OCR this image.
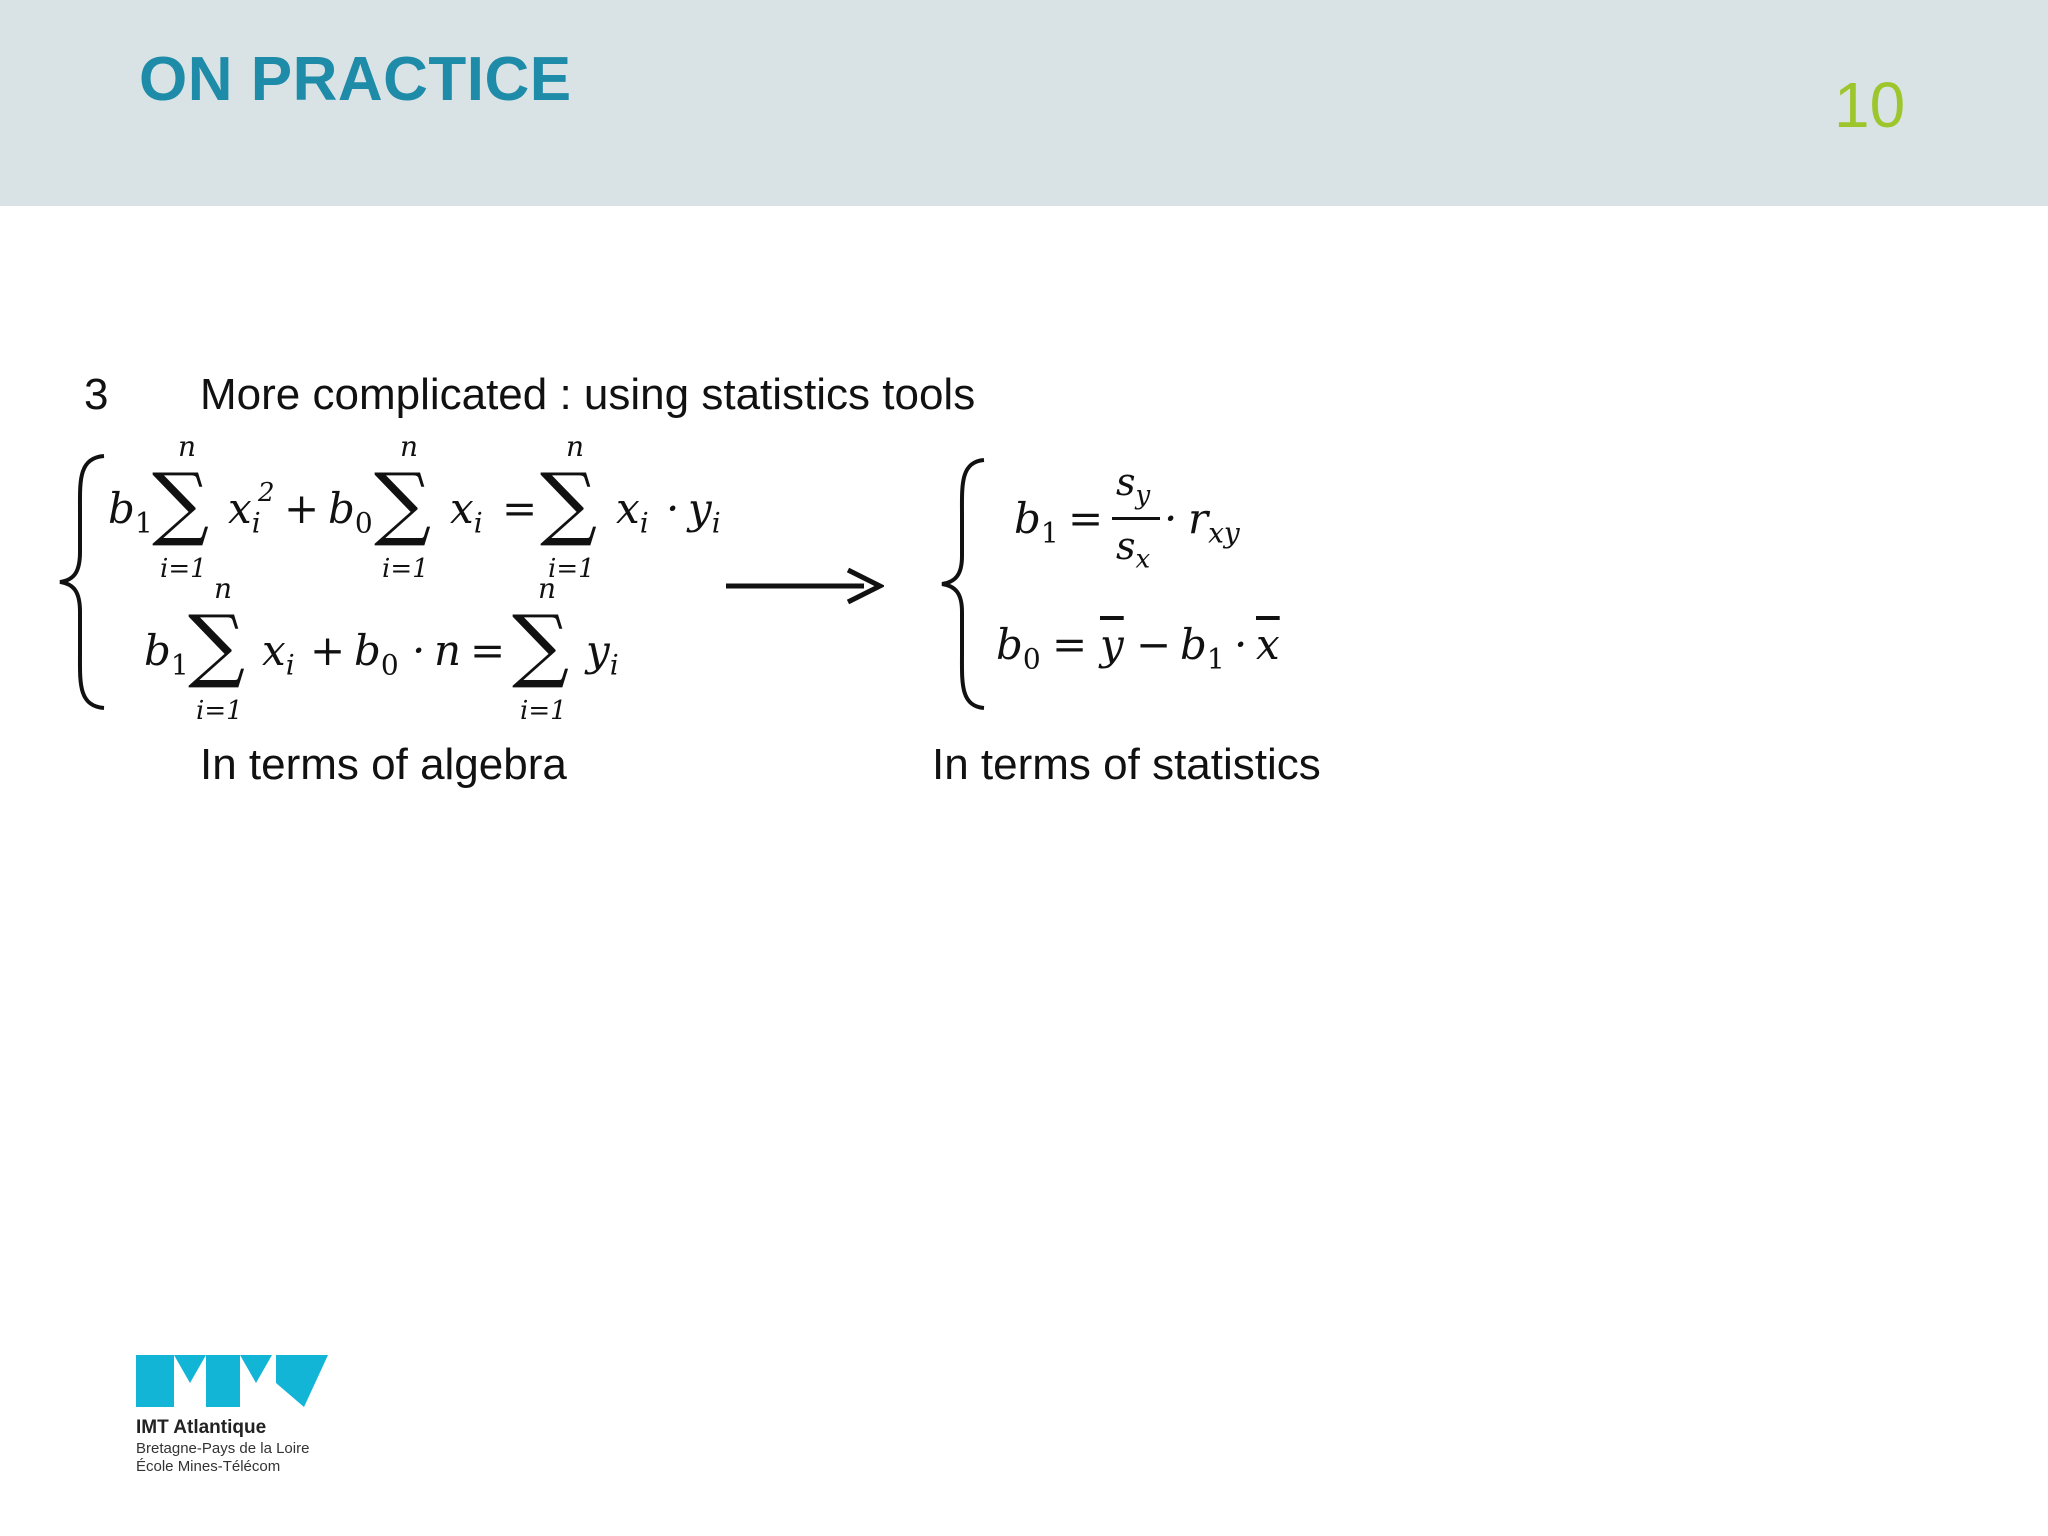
ON PRACTICE	10
3 More complicated : using statistics tools
$b_1$
n
∑
i=1
$x_i$
$2 + b_0$
n
∑
i=1
$x_i$ =
n
∑
i=1
$x_i \cdot y_i$
$b_1$
n
∑
i=1
$x_i + b_0 \cdot n$ =
n
∑
i=1
$y_i$
$b_1$ =
$s_y$
$s_x$
· $r_{xy}$
$b_0 = \overline{y} - b_1 \cdot \overline{x}$
In terms of algebra	In terms of statistics
IMT Atlantique
Bretagne-Pays de la Loire
École Mines-Télécom
